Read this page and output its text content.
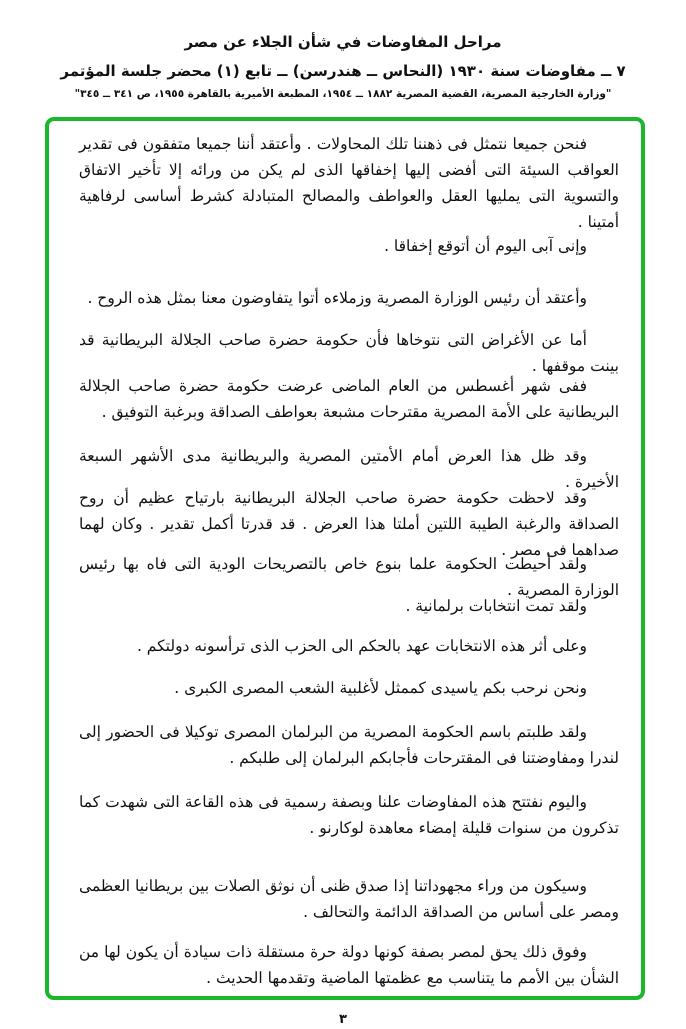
مراحل المفاوضات في شأن الجلاء عن مصر
٧ ــ مفاوضات سنة ١٩٣٠ (النحاس ــ هندرسن) ــ تابع (١) محضر جلسة المؤتمر
"وزارة الخارجية المصرية، القضية المصرية ١٨٨٢ ــ ١٩٥٤، المطبعة الأميرية بالقاهرة ١٩٥٥، ص ٣٤١ ــ ٣٤٥"

فنحن جميعا نتمثل فى ذهننا تلك المحاولات . وأعتقد أننا جميعا متفقون فى تقدير العواقب السيئة التى أفضى إليها إخفاقها الذى لم يكن من ورائه إلا تأخير الاتفاق والتسوية التى يمليها العقل والعواطف والمصالح المتبادلة كشرط أساسى لرفاهية أمتينا .

وإنى آبى اليوم أن أتوقع إخفاقا .

وأعتقد أن رئيس الوزارة المصرية وزملاءه أتوا يتفاوضون معنا بمثل هذه الروح .

أما عن الأغراض التى نتوخاها فأن حكومة حضرة صاحب الجلالة البريطانية قد بينت موقفها .

ففى شهر أغسطس من العام الماضى عرضت حكومة حضرة صاحب الجلالة البريطانية على الأمة المصرية مقترحات مشبعة بعواطف الصداقة وبرغبة التوفيق .

وقد ظل هذا العرض أمام الأمتين المصرية والبريطانية مدى الأشهر السبعة الأخيرة .

وقد لاحظت حكومة حضرة صاحب الجلالة البريطانية بارتياح عظيم أن روح الصداقة والرغبة الطيبة اللتين أملتا هذا العرض . قد قدرتا أكمل تقدير . وكان لهما صداهما فى مصر .

ولقد أحيطت الحكومة علما بنوع خاص بالتصريحات الودية التى فاه بها رئيس الوزارة المصرية .

ولقد تمت انتخابات برلمانية .

وعلى أثر هذه الانتخابات عهد بالحكم الى الحزب الذى ترأسونه دولتكم .

ونحن نرحب بكم ياسيدى كممثل لأغلبية الشعب المصرى الكبرى .

ولقد طلبتم باسم الحكومة المصرية من البرلمان المصرى توكيلا فى الحضور إلى لندرا ومفاوضتنا فى المقترحات فأجابكم البرلمان إلى طلبكم .

واليوم نفتتح هذه المفاوضات علنا وبصفة رسمية فى هذه القاعة التى شهدت كما تذكرون من سنوات قليلة إمضاء معاهدة لوكارنو .

وسيكون من وراء مجهوداتنا إذا صدق ظنى أن نوثق الصلات بين بريطانيا العظمى ومصر على أساس من الصداقة الدائمة والتحالف .

وفوق ذلك يحق لمصر بصفة كونها دولة حرة مستقلة ذات سيادة أن يكون لها من الشأن بين الأمم ما يتناسب مع عظمتها الماضية وتقدمها الحديث .

٣
